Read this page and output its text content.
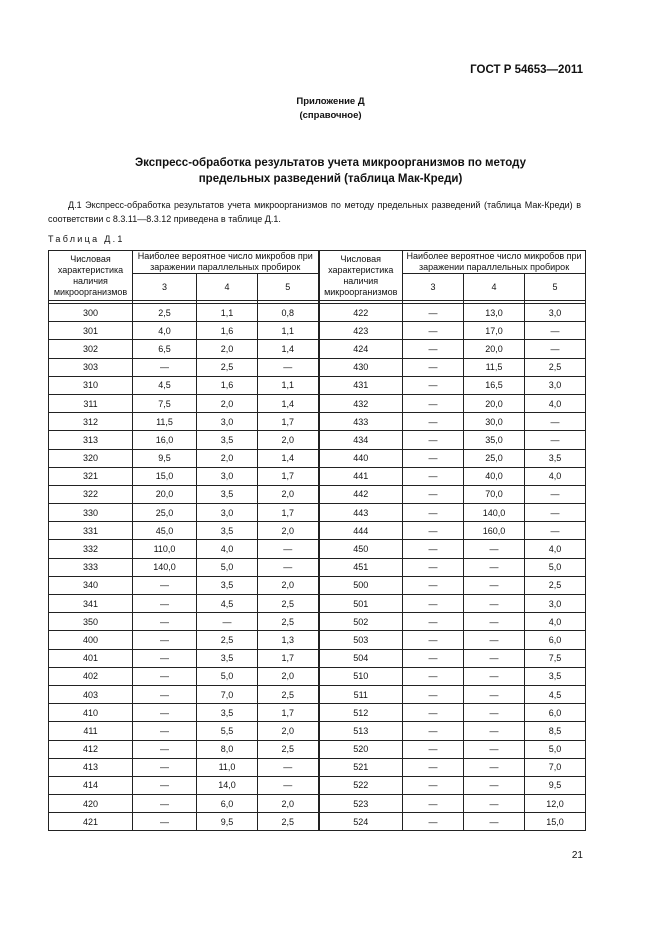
ГОСТ Р 54653—2011
Приложение Д
(справочное)
Экспресс-обработка результатов учета микроорганизмов по методу
предельных разведений (таблица Мак-Креди)
Д.1 Экспресс-обработка результатов учета микроорганизмов по методу предельных разведений (таблица Мак-Креди) в соответствии с 8.3.11—8.3.12 приведена в таблице Д.1.
Таблица Д.1
Числовая характеристика наличия микроорганизмов	Наиболее вероятное число микробов при заражении параллельных пробирок			Числовая характеристика наличия микроорганизмов	Наиболее вероятное число микробов при заражении параллельных пробирок		
	3	4	5		3	4	5

300	2,5	1,1	0,8	422	—	13,0	3,0
301	4,0	1,6	1,1	423	—	17,0	—
302	6,5	2,0	1,4	424	—	20,0	—
303	—	2,5	—	430	—	11,5	2,5
310	4,5	1,6	1,1	431	—	16,5	3,0
311	7,5	2,0	1,4	432	—	20,0	4,0
312	11,5	3,0	1,7	433	—	30,0	—
313	16,0	3,5	2,0	434	—	35,0	—
320	9,5	2,0	1,4	440	—	25,0	3,5
321	15,0	3,0	1,7	441	—	40,0	4,0
322	20,0	3,5	2,0	442	—	70,0	—
330	25,0	3,0	1,7	443	—	140,0	—
331	45,0	3,5	2,0	444	—	160,0	—
332	110,0	4,0	—	450	—	—	4,0
333	140,0	5,0	—	451	—	—	5,0
340	—	3,5	2,0	500	—	—	2,5
341	—	4,5	2,5	501	—	—	3,0
350	—	—	2,5	502	—	—	4,0
400	—	2,5	1,3	503	—	—	6,0
401	—	3,5	1,7	504	—	—	7,5
402	—	5,0	2,0	510	—	—	3,5
403	—	7,0	2,5	511	—	—	4,5
410	—	3,5	1,7	512	—	—	6,0
411	—	5,5	2,0	513	—	—	8,5
412	—	8,0	2,5	520	—	—	5,0
413	—	11,0	—	521	—	—	7,0
414	—	14,0	—	522	—	—	9,5
420	—	6,0	2,0	523	—	—	12,0
421	—	9,5	2,5	524	—	—	15,0
21
